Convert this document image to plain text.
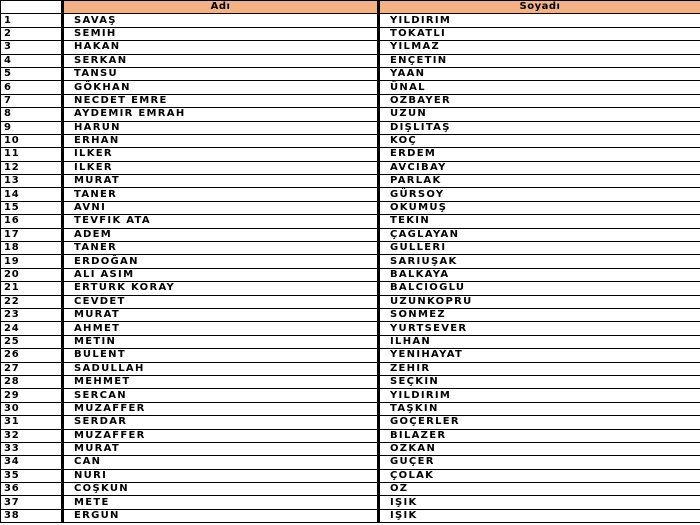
	Adı	Soyadı
1	SAVAŞ	YILDIRIM
2	SEMİH	TOKATLI
3	HAKAN	YILMAZ
4	SERKAN	ENÇETİN
5	TANSU	YAAN
6	GÖKHAN	ÜNAL
7	NECDET EMRE	ÖZBAYER
8	AYDEMİR EMRAH	UZUN
9	HARUN	DİŞLİTAŞ
10	ERHAN	KOÇ
11	İLKER	ERDEM
12	İLKER	AVCIBAY
13	MURAT	PARLAK
14	TANER	GÜRSOY
15	AVNİ	OKUMUŞ
16	TEVFİK ATA	TEKİN
17	ADEM	ÇAĞLAYAN
18	TANER	GÜLLERİ
19	ERDOĞAN	SARIUŞAK
20	ALİ ASIM	BALKAYA
21	ERTÜRK KORAY	BALCIOĞLU
22	CEVDET	UZUNKÖPRÜ
23	MURAT	SÖNMEZ
24	AHMET	YURTSEVER
25	METİN	İLHAN
26	BÜLENT	YENİHAYAT
27	SADULLAH	ZEHİR
28	MEHMET	SEÇKİN
29	SERCAN	YILDIRIM
30	MUZAFFER	TAŞKIN
31	SERDAR	GÖÇERLER
32	MUZAFFER	BİLAZER
33	MURAT	ÖZKAN
34	CAN	GÜÇER
35	NURİ	ÇOLAK
36	COŞKUN	ÖZ
37	METE	IŞIK
38	ERGÜN	IŞIK
